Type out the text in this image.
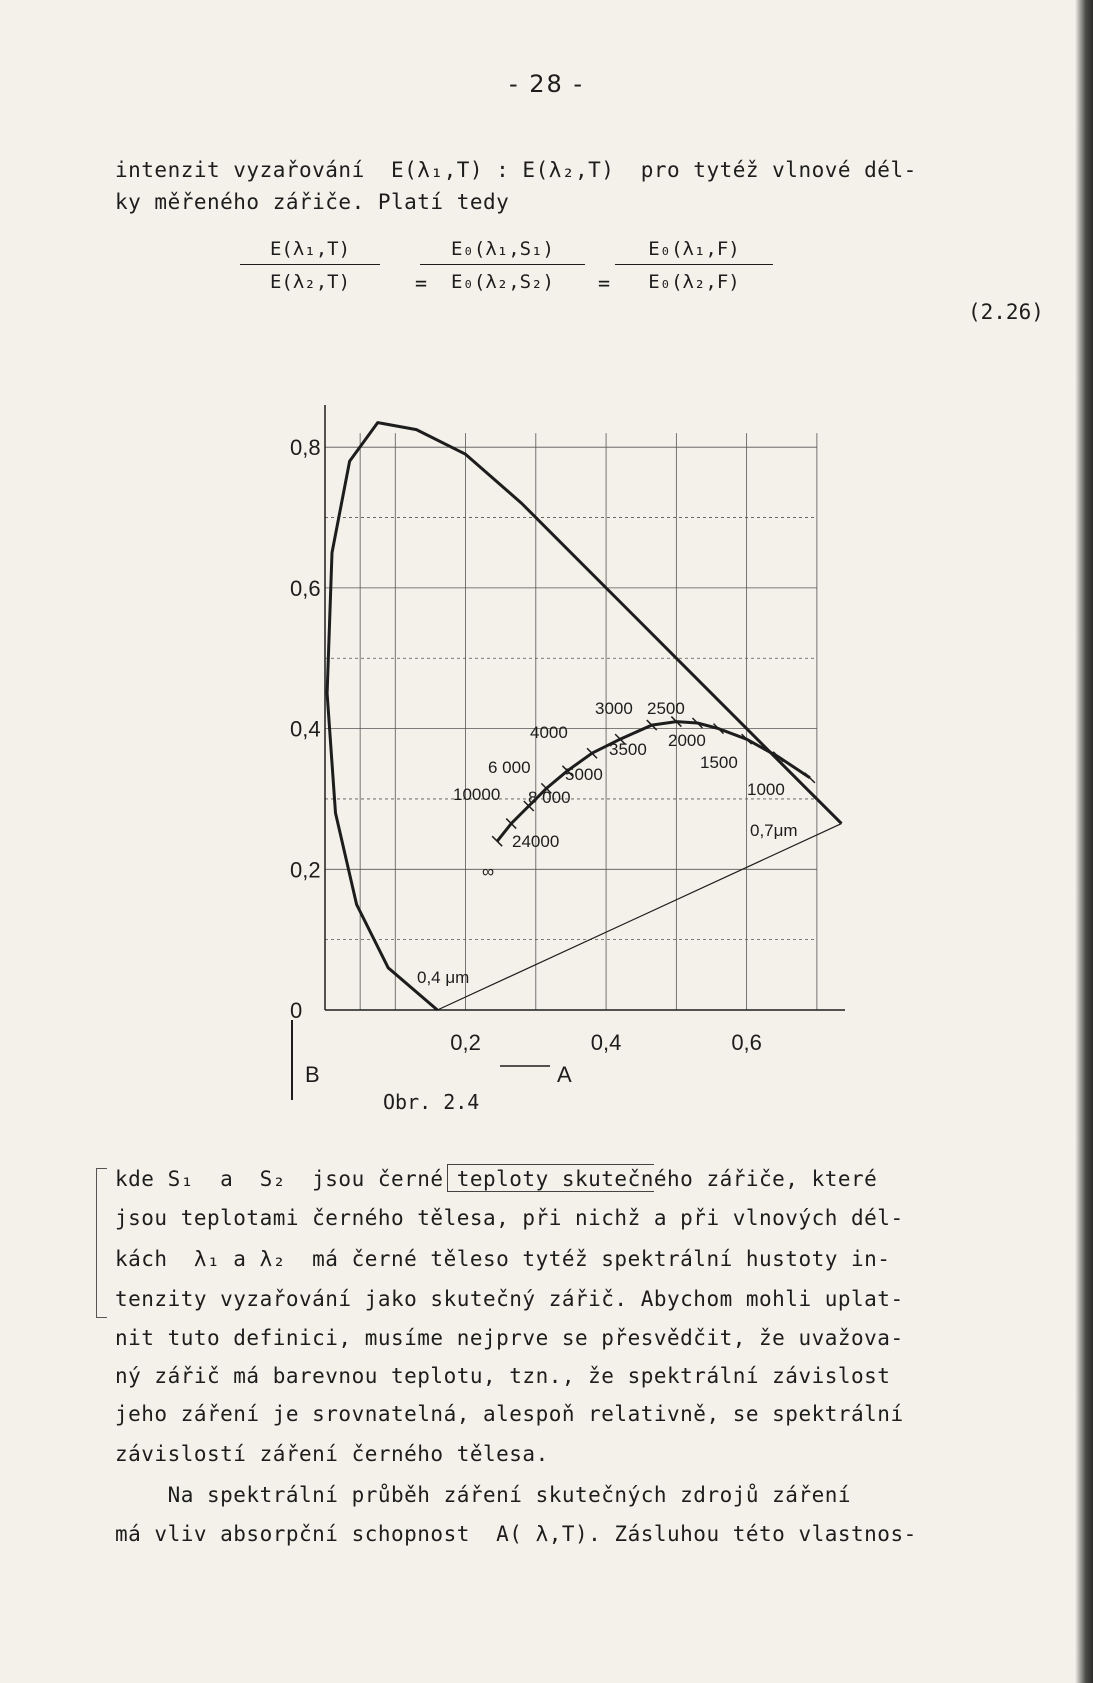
- 28 -
intenzit vyzařování  E(λ₁,T) : E(λ₂,T)  pro tytéž vlnové dél-
ky měřeného zářiče. Platí tedy
E(λ₁,T)
E(λ₂,T)	=
E₀(λ₁,S₁)
E₀(λ₂,S₂)	=
E₀(λ₁,F)
E₀(λ₂,F)
(2.26)
0,2	0,4	0,6
0
0,2
0,4
0,6
0,8
B	A
3000 2500
4000
3500 2000
6 000 5000
1500
10000 8 000	1000
24000
∞
0,7μm
0,4 μm
Obr. 2.4
kde S₁  a  S₂  jsou černé teploty skutečného zářiče, které
jsou teplotami černého tělesa, při nichž a při vlnových dél-
kách  λ₁ a λ₂  má černé těleso tytéž spektrální hustoty in-
tenzity vyzařování jako skutečný zářič. Abychom mohli uplat-
nit tuto definici, musíme nejprve se přesvědčit, že uvažova-
ný zářič má barevnou teplotu, tzn., že spektrální závislost
jeho záření je srovnatelná, alespoň relativně, se spektrální
závislostí záření černého tělesa.
Na spektrální průběh záření skutečných zdrojů záření
má vliv absorpční schopnost  A( λ,T). Zásluhou této vlastnos-
